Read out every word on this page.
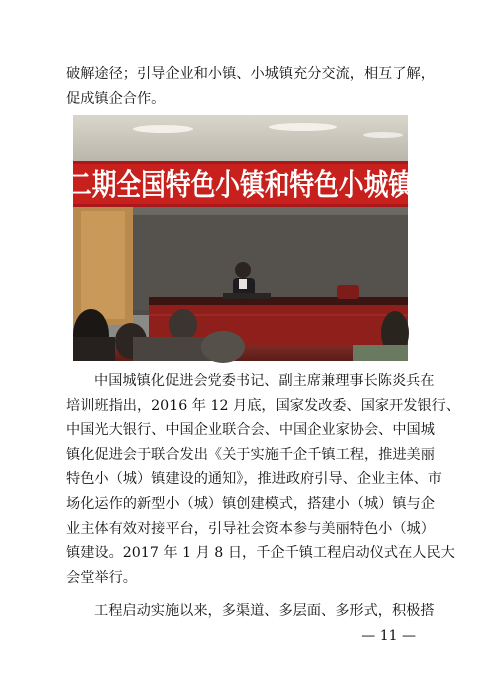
破解途径；引导企业和小镇、小城镇充分交流，相互了解，
促成镇企合作。
二期全国特色小镇和特色小城镇
中国城镇化促进会党委书记、副主席兼理事长陈炎兵在
培训班指出，2016 年 12 月底，国家发改委、国家开发银行、
中国光大银行、中国企业联合会、中国企业家协会、中国城
镇化促进会于联合发出《关于实施千企千镇工程，推进美丽
特色小（城）镇建设的通知》，推进政府引导、企业主体、市
场化运作的新型小（城）镇创建模式，搭建小（城）镇与企
业主体有效对接平台，引导社会资本参与美丽特色小（城）
镇建设。2017 年 1 月 8 日，千企千镇工程启动仪式在人民大
会堂举行。
工程启动实施以来，多渠道、多层面、多形式，积极搭
— 11 —
